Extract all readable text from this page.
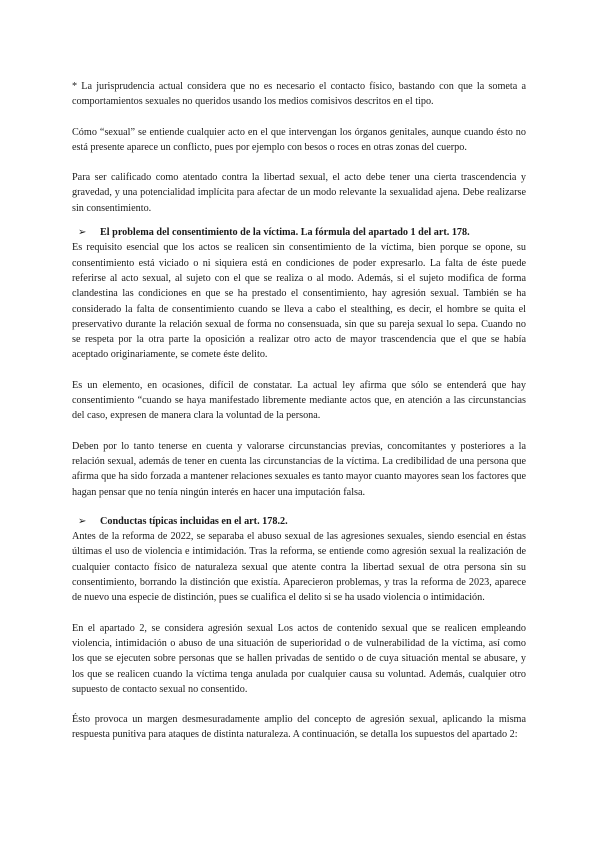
* La jurisprudencia actual considera que no es necesario el contacto físico, bastando con que la someta a comportamientos sexuales no queridos usando los medios comisivos descritos en el tipo.

Cómo “sexual” se entiende cualquier acto en el que intervengan los órganos genitales, aunque cuando ésto no está presente aparece un conflicto, pues por ejemplo con besos o roces en otras zonas del cuerpo.

Para ser calificado como atentado contra la libertad sexual, el acto debe tener una cierta trascendencia y gravedad, y una potencialidad implícita para afectar de un modo relevante la sexualidad ajena. Debe realizarse sin consentimiento.

➢ El problema del consentimiento de la víctima. La fórmula del apartado 1 del art. 178.

Es requisito esencial que los actos se realicen sin consentimiento de la víctima, bien porque se opone, su consentimiento está viciado o ni siquiera está en condiciones de poder expresarlo. La falta de éste puede referirse al acto sexual, al sujeto con el que se realiza o al modo. Además, si el sujeto modifica de forma clandestina las condiciones en que se ha prestado el consentimiento, hay agresión sexual. También se ha considerado la falta de consentimiento cuando se lleva a cabo el stealthing, es decir, el hombre se quita el preservativo durante la relación sexual de forma no consensuada, sin que su pareja sexual lo sepa. Cuando no se respeta por la otra parte la oposición a realizar otro acto de mayor trascendencia que el que se había aceptado originariamente, se comete éste delito.

Es un elemento, en ocasiones, difícil de constatar. La actual ley afirma que sólo se entenderá que hay consentimiento “cuando se haya manifestado libremente mediante actos que, en atención a las circunstancias del caso, expresen de manera clara la voluntad de la persona.

Deben por lo tanto tenerse en cuenta y valorarse circunstancias previas, concomitantes y posteriores a la relación sexual, además de tener en cuenta las circunstancias de la víctima. La credibilidad de una persona que afirma que ha sido forzada a mantener relaciones sexuales es tanto mayor cuanto mayores sean los factores que hagan pensar que no tenía ningún interés en hacer una imputación falsa.

➢ Conductas típicas incluidas en el art. 178.2.

Antes de la reforma de 2022, se separaba el abuso sexual de las agresiones sexuales, siendo esencial en éstas últimas el uso de violencia e intimidación. Tras la reforma, se entiende como agresión sexual la realización de cualquier contacto físico de naturaleza sexual que atente contra la libertad sexual de otra persona sin su consentimiento, borrando la distinción que existía. Aparecieron problemas, y tras la reforma de 2023, aparece de nuevo una especie de distinción, pues se cualifica el delito si se ha usado violencia o intimidación.

En el apartado 2, se considera agresión sexual Los actos de contenido sexual que se realicen empleando violencia, intimidación o abuso de una situación de superioridad o de vulnerabilidad de la víctima, así como los que se ejecuten sobre personas que se hallen privadas de sentido o de cuya situación mental se abusare, y los que se realicen cuando la víctima tenga anulada por cualquier causa su voluntad. Además, cualquier otro supuesto de contacto sexual no consentido.

Ésto provoca un margen desmesuradamente amplio del concepto de agresión sexual, aplicando la misma respuesta punitiva para ataques de distinta naturaleza. A continuación, se detalla los supuestos del apartado 2:
